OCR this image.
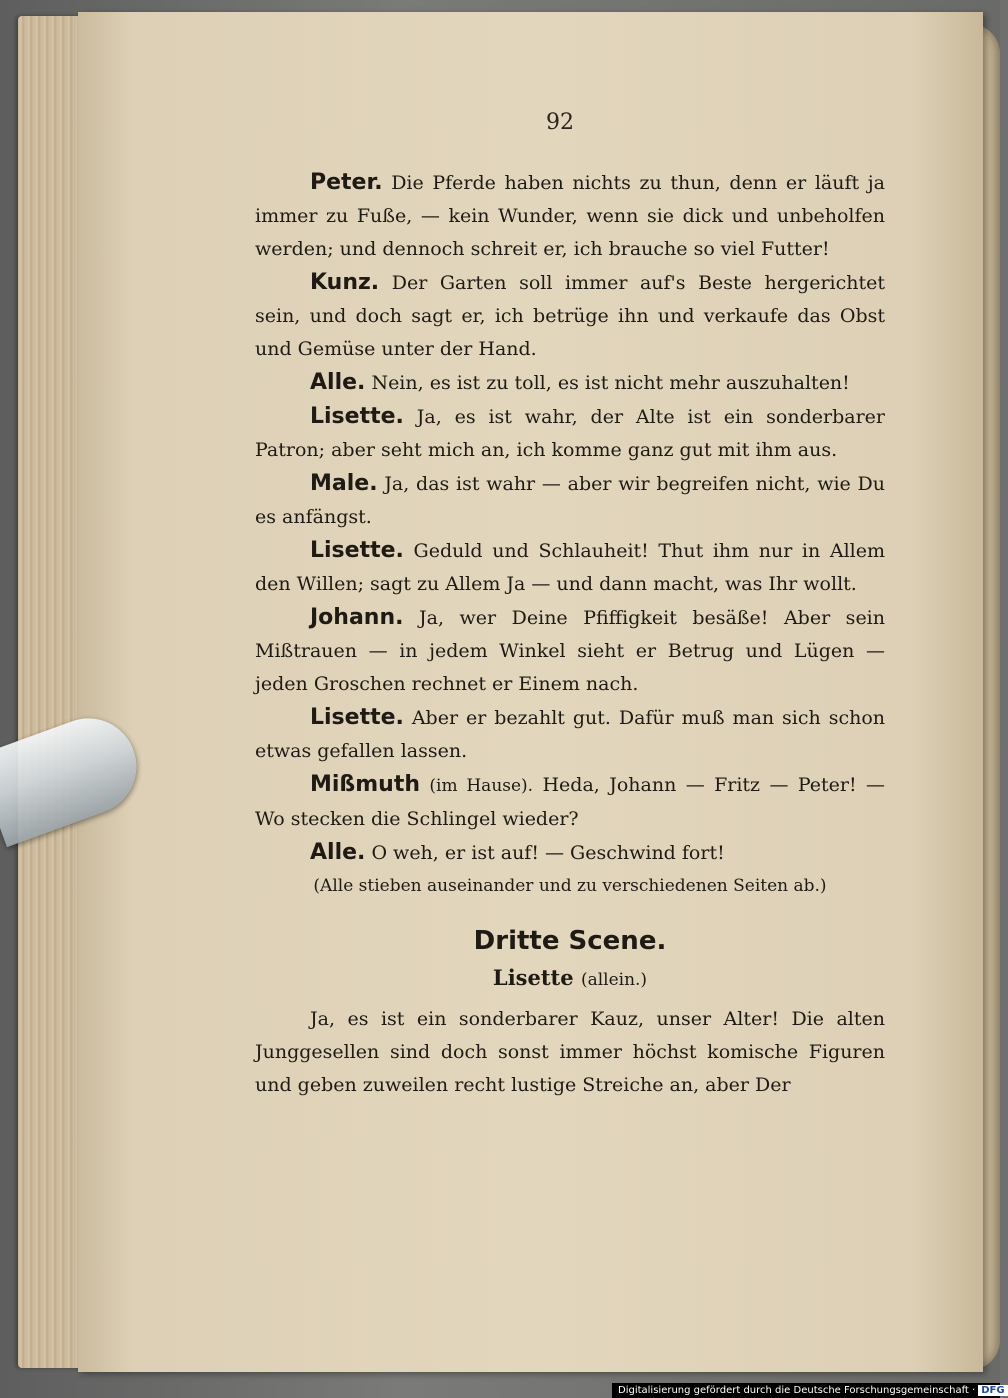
92

Peter. Die Pferde haben nichts zu thun, denn er läuft ja immer zu Fuße, — kein Wunder, wenn sie dick und unbeholfen werden; und dennoch schreit er, ich brauche so viel Futter!

Kunz. Der Garten soll immer auf's Beste hergerichtet sein, und doch sagt er, ich betrüge ihn und verkaufe das Obst und Gemüse unter der Hand.

Alle. Nein, es ist zu toll, es ist nicht mehr auszuhalten!

Lisette. Ja, es ist wahr, der Alte ist ein sonderbarer Patron; aber seht mich an, ich komme ganz gut mit ihm aus.

Male. Ja, das ist wahr — aber wir begreifen nicht, wie Du es anfängst.

Lisette. Geduld und Schlauheit! Thut ihm nur in Allem den Willen; sagt zu Allem Ja — und dann macht, was Ihr wollt.

Johann. Ja, wer Deine Pfiffigkeit besäße! Aber sein Mißtrauen — in jedem Winkel sieht er Betrug und Lügen — jeden Groschen rechnet er Einem nach.

Lisette. Aber er bezahlt gut. Dafür muß man sich schon etwas gefallen lassen.

Mißmuth (im Hause). Heda, Johann — Fritz — Peter! — Wo stecken die Schlingel wieder?

Alle. O weh, er ist auf! — Geschwind fort!

(Alle stieben auseinander und zu verschiedenen Seiten ab.)

Dritte Scene.

Lisette (allein.)

Ja, es ist ein sonderbarer Kauz, unser Alter! Die alten Junggesellen sind doch sonst immer höchst komische Figuren und geben zuweilen recht lustige Streiche an, aber Der

Digitalisierung gefördert durch die Deutsche Forschungsgemeinschaft · DFG
